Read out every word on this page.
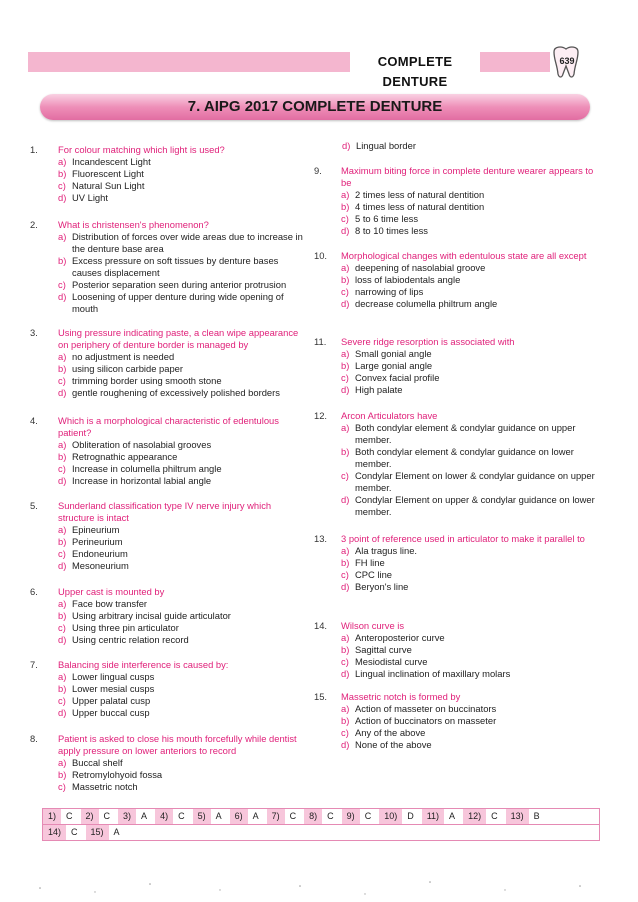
COMPLETE DENTURE
639
7. AIPG 2017 COMPLETE DENTURE
1. For colour matching which light is used?
a) Incandescent Light
b) Fluorescent Light
c) Natural Sun Light
d) UV Light
2. What is christensen's phenomenon?
a) Distribution of forces over wide areas due to increase in the denture base area
b) Excess pressure on soft tissues by denture bases causes displacement
c) Posterior separation seen during anterior protrusion
d) Loosening of upper denture during wide opening of mouth
3. Using pressure indicating paste, a clean wipe appearance on periphery of denture border is managed by
a) no adjustment is needed
b) using silicon carbide paper
c) trimming border using smooth stone
d) gentle roughening of excessively polished borders
4. Which is a morphological characteristic of edentulous patient?
a) Obliteration of nasolabial grooves
b) Retrognathic appearance
c) Increase in columella philtrum angle
d) Increase in horizontal labial angle
5. Sunderland classification type IV nerve injury which structure is intact
a) Epineurium
b) Perineurium
c) Endoneurium
d) Mesoneurium
6. Upper cast is mounted by
a) Face bow transfer
b) Using arbitrary incisal guide articulator
c) Using three pin articulator
d) Using centric relation record
7. Balancing side interference is caused by:
a) Lower lingual cusps
b) Lower mesial cusps
c) Upper palatal cusp
d) Upper buccal cusp
8. Patient is asked to close his mouth forcefully while dentist apply pressure on lower anteriors to record
a) Buccal shelf
b) Retromylohyoid fossa
c) Massetric notch
d) Lingual border
9. Maximum biting force in complete denture wearer appears to be
a) 2 times less of natural dentition
b) 4 times less of natural dentition
c) 5 to 6 time less
d) 8 to 10 times less
10. Morphological changes with edentulous state are all except
a) deepening of nasolabial groove
b) loss of labiodentals angle
c) narrowing of lips
d) decrease columella philtrum angle
11. Severe ridge resorption is associated with
a) Small gonial angle
b) Large gonial angle
c) Convex facial profile
d) High palate
12. Arcon Articulators have
a) Both condylar element & condylar guidance on upper member.
b) Both condylar element & condylar guidance on lower member.
c) Condylar Element on lower & condylar guidance on upper member.
d) Condylar Element on upper & condylar guidance on lower member.
13. 3 point of reference used in articulator to make it parallel to
a) Ala tragus line.
b) FH line
c) CPC line
d) Beryon's line
14. Wilson curve is
a) Anteroposterior curve
b) Sagittal curve
c) Mesiodistal curve
d) Lingual inclination of maxillary molars
15. Massetric notch is formed by
a) Action of masseter on buccinators
b) Action of buccinators on masseter
c) Any of the above
d) None of the above
1)	C	2)	C	3)	A	4)	C	5)	A	6)	A	7)	C	8)	C	9)	C	10)	D	11)	A	12)	C	13)	B
14)	C	15)	A
